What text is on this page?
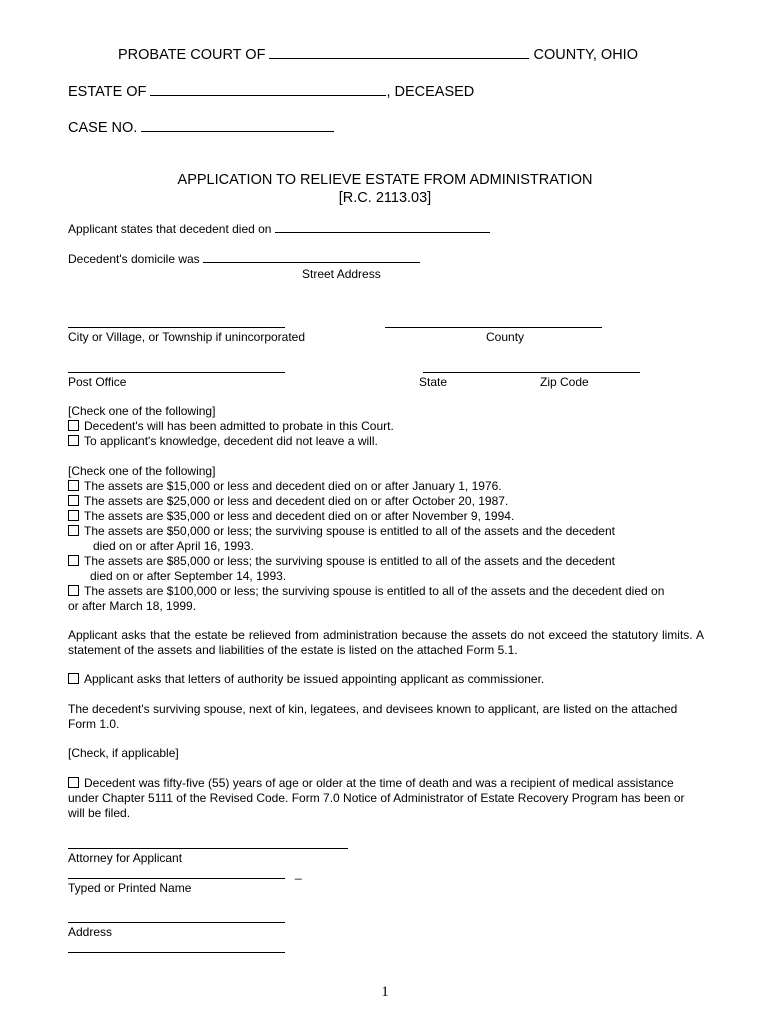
PROBATE COURT OF	COUNTY, OHIO
ESTATE OF	, DECEASED
CASE NO.
APPLICATION TO RELIEVE ESTATE FROM ADMINISTRATION
[R.C. 2113.03]
Applicant states that decedent died on
Decedent's domicile was
Street Address
City or Village, or Township if unincorporated	County
Post Office	State	Zip Code
[Check one of the following]
Decedent's will has been admitted to probate in this Court.
To applicant's knowledge, decedent did not leave a will.
[Check one of the following]
The assets are $15,000 or less and decedent died on or after January 1, 1976.
The assets are $25,000 or less and decedent died on or after October 20, 1987.
The assets are $35,000 or less and decedent died on or after November 9, 1994.
The assets are $50,000 or less; the surviving spouse is entitled to all of the assets and the decedent
died on or after April 16, 1993.
The assets are $85,000 or less; the surviving spouse is entitled to all of the assets and the decedent
died on or after September 14, 1993.
The assets are $100,000 or less; the surviving spouse is entitled to all of the assets and the decedent died on
or after March 18, 1999.
Applicant asks that the estate be relieved from administration because the assets do not exceed the statutory limits. A statement of the assets and liabilities of the estate is listed on the attached Form 5.1.
Applicant asks that letters of authority be issued appointing applicant as commissioner.
The decedent's surviving spouse, next of kin, legatees, and devisees known to applicant, are listed on the attached Form 1.0.
[Check, if applicable]
Decedent was fifty-five (55) years of age or older at the time of death and was a recipient of medical assistance under Chapter 5111 of the Revised Code. Form 7.0 Notice of Administrator of Estate Recovery Program has been or will be filed.
Attorney for Applicant
_
Typed or Printed Name
Address
1
